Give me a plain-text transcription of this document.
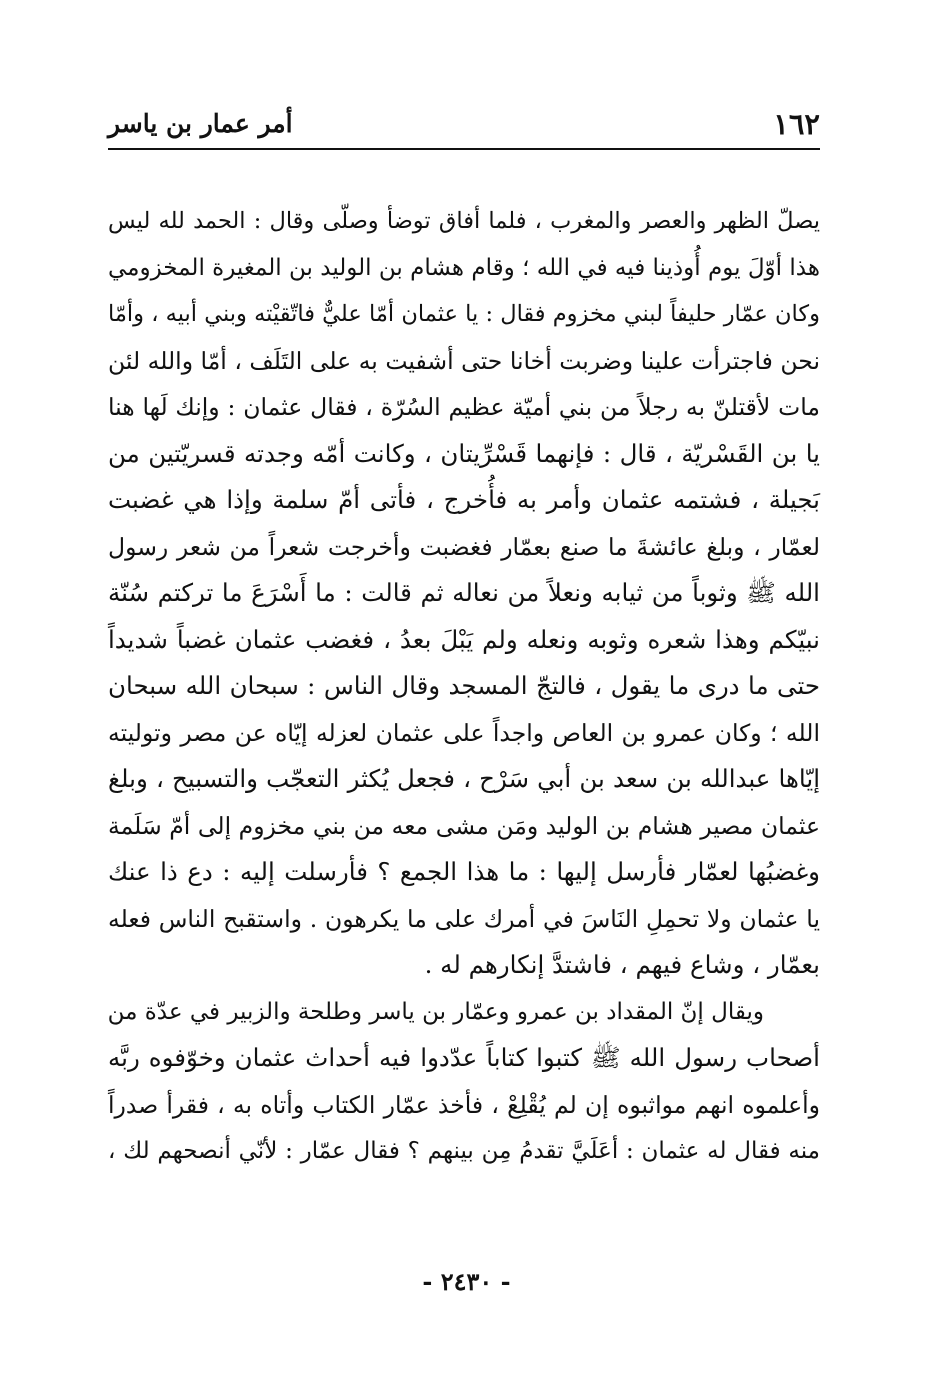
١٦٢
أمر عمار بن ياسر
يصلّ الظهر والعصر والمغرب ، فلما أفاق توضأ وصلّى وقال : الحمد لله ليس
هذا أوّلَ يوم أُوذينا فيه في الله ؛ وقام هشام بن الوليد بن المغيرة المخزومي
وكان عمّار حليفاً لبني مخزوم فقال : يا عثمان أمّا عليٌّ فاتّقيْته وبني أبيه ، وأمّا
نحن فاجترأت علينا وضربت أخانا حتى أشفيت به على التَلَف ، أمّا والله لئن
مات لأقتلنّ به رجلاً من بني أميّة عظيم السُرّة ، فقال عثمان : وإنك لَها هنا
يا بن القَسْريّة ، قال : فإنهما قَسْرِّيتان ، وكانت أمّه وجدته قسريّتين من
بَجيلة ، فشتمه عثمان وأمر به فأُخرج ، فأتى أمّ سلمة وإذا هي غضبت
لعمّار ، وبلغ عائشةَ ما صنع بعمّار فغضبت وأخرجت شعراً من شعر رسول
الله ﷺ وثوباً من ثيابه ونعلاً من نعاله ثم قالت : ما أَسْرَعَ ما تركتم سُنّة
نبيّكم وهذا شعره وثوبه ونعله ولم يَبْلَ بعدُ ، فغضب عثمان غضباً شديداً
حتى ما درى ما يقول ، فالتجّ المسجد وقال الناس : سبحان الله سبحان
الله ؛ وكان عمرو بن العاص واجداً على عثمان لعزله إيّاه عن مصر وتوليته
إيّاها عبدالله بن سعد بن أبي سَرْح ، فجعل يُكثر التعجّب والتسبيح ، وبلغ
عثمان مصير هشام بن الوليد ومَن مشى معه من بني مخزوم إلى أمّ سَلَمة
وغضبُها لعمّار فأرسل إليها : ما هذا الجمع ؟ فأرسلت إليه : دع ذا عنك
يا عثمان ولا تحمِلِ النَاسَ في أمرك على ما يكرهون . واستقبح الناس فعله
بعمّار ، وشاع فيهم ، فاشتدَّ إنكارهم له .
ويقال إنّ المقداد بن عمرو وعمّار بن ياسر وطلحة والزبير في عدّة من
أصحاب رسول الله ﷺ كتبوا كتاباً عدّدوا فيه أحداث عثمان وخوّفوه ربَّه
وأعلموه انهم مواثبوه إن لم يُقْلِعْ ، فأخذ عمّار الكتاب وأتاه به ، فقرأ صدراً
منه فقال له عثمان : أعَلَيَّ تقدمُ مِن بينهم ؟ فقال عمّار : لأنّي أنصحهم لك ،
- ٢٤٣٠ -
